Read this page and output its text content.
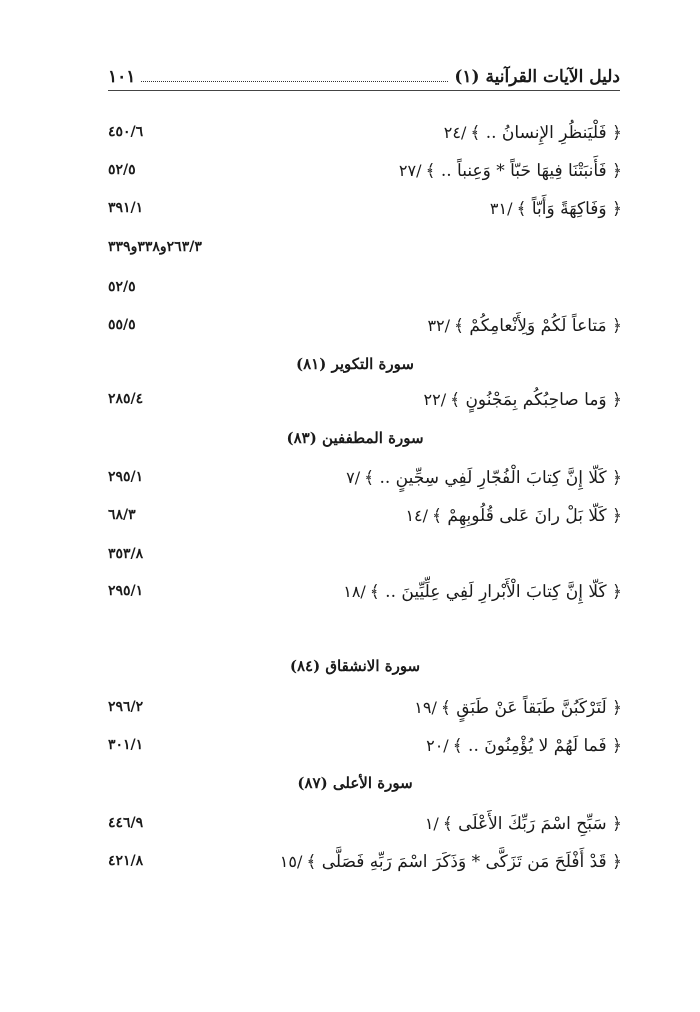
دليل الآيات القرآنية (١)
١٠١
﴿ فَلْيَنظُرِ الإِنسانُ .. ﴾/٢٤
٤٥٠/٦
﴿ فَأَنبَتْنَا فِيهَا حَبّاً * وَعِنباً .. ﴾/٢٧
٥٢/٥
﴿ وَفَاكِهَةً وَأَبّاً ﴾/٣١
٣٩١/١
٢٦٣/٣و٣٣٨و٣٣٩
٥٢/٥
﴿ مَتاعاً لَكُمْ وَلِأَنْعامِكُمْ ﴾/٣٢
٥٥/٥
سورة التكوير (٨١)
﴿ وَما صاحِبُكُم بِمَجْنُونٍ ﴾/٢٢
٢٨٥/٤
سورة المطففين (٨٣)
﴿ كَلّا إِنَّ كِتابَ الْفُجّارِ لَفِي سِجِّينٍ .. ﴾/٧
٢٩٥/١
﴿ كَلّا بَلْ رانَ عَلى قُلُوبِهِمْ ﴾/١٤
٦٨/٣
٣٥٣/٨
﴿ كَلّا إِنَّ كِتابَ الْأَبْرارِ لَفِي عِلِّيِّينَ .. ﴾/١٨
٢٩٥/١
سورة الانشقاق (٨٤)
﴿ لَتَرْكَبُنَّ طَبَقاً عَنْ طَبَقٍ ﴾/١٩
٢٩٦/٢
﴿ فَما لَهُمْ لا يُؤْمِنُونَ .. ﴾/٢٠
٣٠١/١
سورة الأعلى (٨٧)
﴿ سَبِّحِ اسْمَ رَبِّكَ الأَعْلَى ﴾/١
٤٤٦/٩
﴿ قَدْ أَفْلَحَ مَن تَزَكَّى * وَذَكَرَ اسْمَ رَبِّهِ فَصَلَّى ﴾/١٥
٤٢١/٨
